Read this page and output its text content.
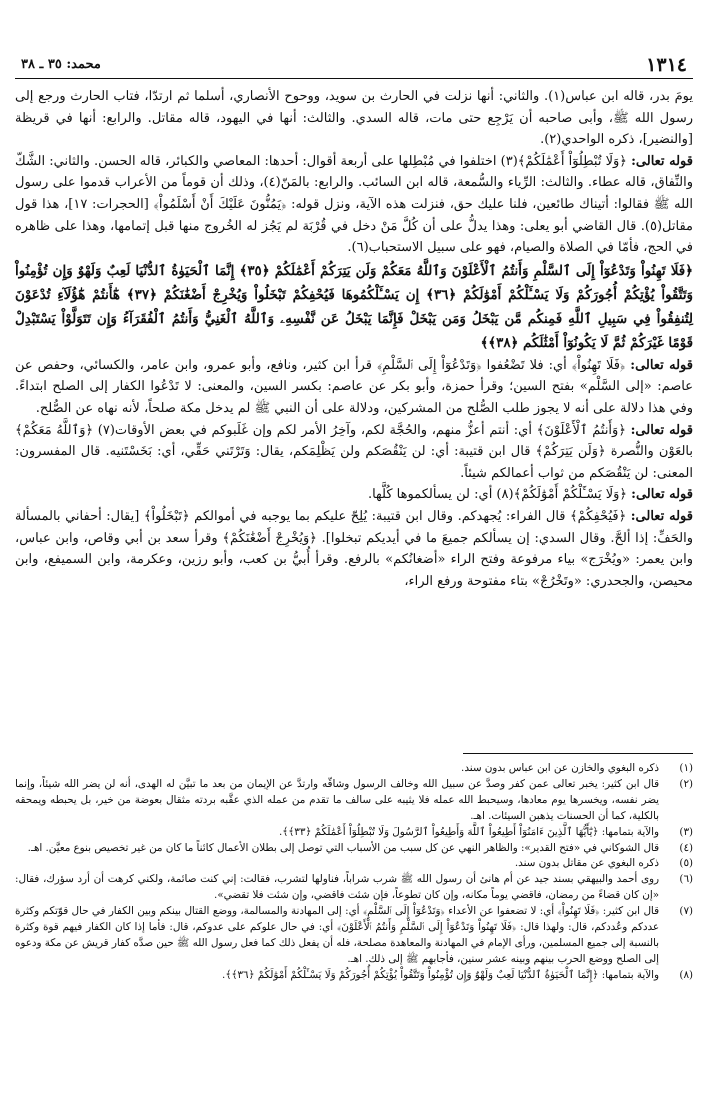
١٣١٤
محمد: ٣٥ ـ ٣٨

يومَ بدر، قاله ابن عباس(١). والثاني: أنها نزلت في الحارث بن سويد، ووحوح الأنصاري، أسلما ثم ارتدّا، فتاب الحارث ورجع إلى رسول الله ﷺ، وأبى صاحبه أن يَرْجِع حتى مات، قاله السدي. والثالث: أنها في اليهود، قاله مقاتل. والرابع: أنها في قريظة [والنضير]، ذكره الواحدي(٢).

قوله تعالى: ﴿وَلَا تُبْطِلُوٓاْ أَعْمَٰلَكُمْ﴾(٣) اختلفوا في مُبْطِلها على أربعة أقوال: أحدها: المعاصي والكبائر، قاله الحسن. والثاني: الشَّكّ والنِّفاق، قاله عطاء. والثالث: الرِّياء والسُّمعة، قاله ابن السائب. والرابع: بالمَنّ(٤)، وذلك أن قوماً من الأعراب قدموا على رسول الله ﷺ فقالوا: أتيناك طائعين، فلنا عليك حق، فنزلت هذه الآية، ونزل قوله: ﴿يَمُنُّونَ عَلَيْكَ أَنْ أَسْلَمُواْ﴾ [الحجرات: ١٧]، هذا قول مقاتل(٥). قال القاضي أبو يعلى: وهذا يدلُّ على أن كُلَّ مَنْ دخل في قُرْبَة لم يَجُز له الخُروج منها قبل إتمامها، وهذا على ظاهره في الحج، فأمّا في الصلاة والصيام، فهو على سبيل الاستحباب(٦).

﴿فَلَا تَهِنُواْ وَتَدْعُوٓاْ إِلَى ٱلسَّلْمِ وَأَنتُمُ ٱلْأَعْلَوْنَ وَٱللَّهُ مَعَكُمْ وَلَن يَتِرَكُمْ أَعْمَٰلَكُمْ ﴿٣٥﴾ إِنَّمَا ٱلْحَيَوٰةُ ٱلدُّنْيَا لَعِبٌ وَلَهْوٌ وَإِن تُؤْمِنُواْ وَتَتَّقُواْ يُؤْتِكُمْ أُجُورَكُمْ وَلَا يَسْـَٔلْكُمْ أَمْوَٰلَكُمْ ﴿٣٦﴾ إِن يَسْـَٔلْكُمُوهَا فَيُحْفِكُمْ تَبْخَلُواْ وَيُخْرِجْ أَضْغَٰنَكُمْ ﴿٣٧﴾ هَٰٓأَنتُمْ هَٰٓؤُلَآءِ تُدْعَوْنَ لِتُنفِقُواْ فِي سَبِيلِ ٱللَّهِ فَمِنكُم مَّن يَبْخَلُ وَمَن يَبْخَلْ فَإِنَّمَا يَبْخَلُ عَن نَّفْسِهِۦ وَٱللَّهُ ٱلْغَنِيُّ وَأَنتُمُ ٱلْفُقَرَآءُ وَإِن تَتَوَلَّوْاْ يَسْتَبْدِلْ قَوْمًا غَيْرَكُمْ ثُمَّ لَا يَكُونُوٓاْ أَمْثَٰلَكُم ﴿٣٨﴾﴾

قوله تعالى: ﴿فَلَا تَهِنُواْ﴾ أي: فلا تَضْعُفوا ﴿وَتَدْعُوٓاْ إِلَى ٱلسَّلْمِ﴾ قرأ ابن كثير، ونافع، وأبو عمرو، وابن عامر، والكسائي، وحفص عن عاصم: «إلى السَّلْم» بفتح السين؛ وقرأ حمزة، وأبو بكر عن عاصم: بكسر السين، والمعنى: لا تَدْعُوا الكفار إلى الصلح ابتداءً. وفي هذا دلالة على أنه لا يجوز طلب الصُّلح من المشركين، ودلالة على أن النبي ﷺ لم يدخل مكة صلحاً، لأنه نهاه عن الصُّلح.

قوله تعالى: ﴿وَأَنتُمُ ٱلْأَعْلَوْنَ﴾ أي: أنتم أعزُّ منهم، والحُجَّة لكم، وآخِرُ الأمر لكم وإن غَلَبوكم في بعض الأوقات(٧) ﴿وَٱللَّهُ مَعَكُمْ﴾ بالعَوْن والنُّصرة ﴿وَلَن يَتِرَكُمْ﴾ قال ابن قتيبة: أي: لن يَنْقُصَكم ولن يَظْلِمَكم، يقال: وَتَرْتَني حَقِّي، أي: بَخَسْتَنيه. قال المفسرون: المعنى: لن يَنْقُصَكم من ثواب أعمالكم شيئاً.

قوله تعالى: ﴿وَلَا يَسْـَٔلْكُمْ أَمْوَٰلَكُمْ﴾(٨) أي: لن يسألكموها كُلَّها.

قوله تعالى: ﴿فَيُحْفِكُمْ﴾ قال الفراء: يُجهدكم. وقال ابن قتيبة: يُلِحّ عليكم بما يوجبه في أموالكم ﴿تَبْخَلُواْ﴾ [يقال: أحفاني بالمسألة والحَفِّ: إذا ألحَّ. وقال السدي: إن يسألكم جميعَ ما في أيديكم تبخلوا]. ﴿وَيُخْرِجْ أَضْغَٰنَكُمْ﴾ وقرأ سعد بن أبي وقاص، وابن عباس، وابن يعمر: «ويُخْرَج» بياء مرفوعة وفتح الراء «أضغانُكم» بالرفع. وقرأ أُبيُّ بن كعب، وأبو رزين، وعكرمة، وابن السميفع، وابن محيصن، والجحدري: «وتَخْرُجْ» بتاء مفتوحة ورفع الراء،

(١)
ذكره البغوي والخازن عن ابن عباس بدون سند.
(٢)
قال ابن كثير: يخبر تعالى عمن كفر وصدَّ عن سبيل الله وخالف الرسول وشاقّه وارتدَّ عن الإيمان من بعد ما تبيَّن له الهدى، أنه لن يضر الله شيئاً، وإنما يضر نفسه، ويخسرها يوم معادها، وسيحبط الله عمله فلا يثيبه على سالف ما تقدم من عمله الذي عقَّبه بردته مثقال بعوضة من خير، بل يحبطه ويمحقه بالكلية، كما أن الحسنات يذهبن السيئات. اهـ.
(٣)
والآية بتمامها: ﴿يَٰٓأَيُّهَا ٱلَّذِينَ ءَامَنُوٓاْ أَطِيعُواْ ٱللَّهَ وَأَطِيعُواْ ٱلرَّسُولَ وَلَا تُبْطِلُوٓاْ أَعْمَٰلَكُمْ ﴿٣٣﴾﴾.
(٤)
قال الشوكاني في «فتح القدير»: والظاهر النهي عن كل سبب من الأسباب التي توصل إلى بطلان الأعمال كائناً ما كان من غير تخصيص بنوع معيَّن. اهـ.
(٥)
ذكره البغوي عن مقاتل بدون سند.
(٦)
روى أحمد والبيهقي بسند جيد عن أم هانئ أن رسول الله ﷺ شرب شراباً، فناولها لتشرب، فقالت: إني كنت صائمة، ولكني كرهت أن أرد سؤرك، فقال: «إن كان قضاءً من رمضان، فاقضي يوماً مكانه، وإن كان تطوعاً، فإن شئت فاقضي، وإن شئت فلا تقضي».
(٧)
قال ابن كثير: ﴿فَلَا تَهِنُواْ﴾ أي: لا تضعفوا عن الأعداء ﴿وَتَدْعُوٓاْ إِلَى ٱلسَّلْمِ﴾ أي: إلى المهادنة والمسالمة، ووضع القتال بينكم وبين الكفار في حال قوّتكم وكثرة عددكم وعُددكم، قال: ولهذا قال: ﴿فَلَا تَهِنُواْ وَتَدْعُوٓاْ إِلَى ٱلسَّلْمِ وَأَنتُمُ ٱلْأَعْلَوْنَ﴾ أي: في حال علوكم على عدوكم، قال: فأما إذا كان الكفار فيهم قوة وكثرة بالنسبة إلى جميع المسلمين، ورأى الإمام في المهادنة والمعاهدة مصلحة، فله أن يفعل ذلك كما فعل رسول الله ﷺ حين صدَّه كفار قريش عن مكة ودعوه إلى الصلح ووضع الحرب بينهم وبينه عشر سنين، فأجابهم ﷺ إلى ذلك. اهـ.
(٨)
والآية بتمامها: ﴿إِنَّمَا ٱلْحَيَوٰةُ ٱلدُّنْيَا لَعِبٌ وَلَهْوٌ وَإِن تُؤْمِنُواْ وَتَتَّقُواْ يُؤْتِكُمْ أُجُورَكُمْ وَلَا يَسْـَٔلْكُمْ أَمْوَٰلَكُمْ ﴿٣٦﴾﴾.
